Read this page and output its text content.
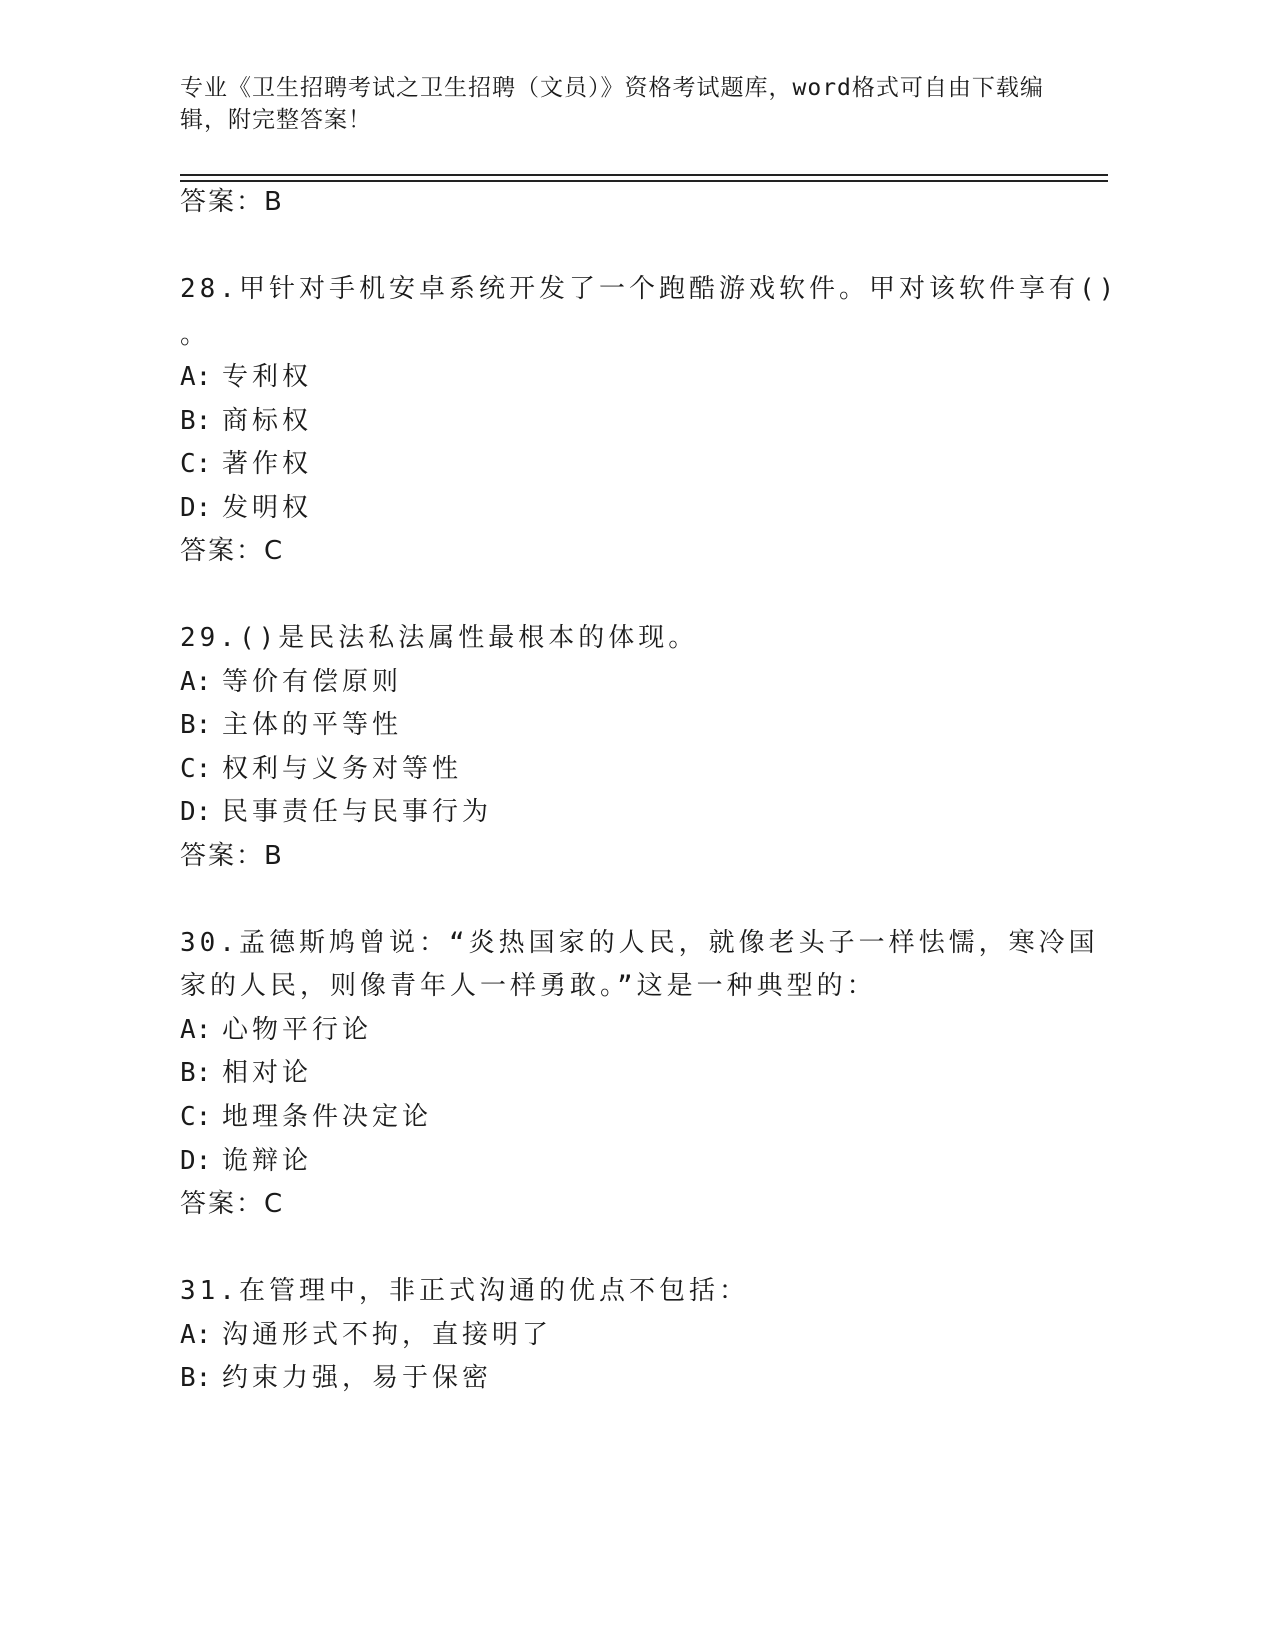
专业《卫生招聘考试之卫生招聘（文员）》资格考试题库，word格式可自由下载编辑，附完整答案！
答案：B
28.甲针对手机安卓系统开发了一个跑酷游戏软件。甲对该软件享有()
。
A: 专利权
B: 商标权
C: 著作权
D: 发明权
答案：C
29.()是民法私法属性最根本的体现。
A: 等价有偿原则
B: 主体的平等性
C: 权利与义务对等性
D: 民事责任与民事行为
答案：B
30.孟德斯鸠曾说：“炎热国家的人民，就像老头子一样怯懦，寒冷国
家的人民，则像青年人一样勇敢。”这是一种典型的：
A: 心物平行论
B: 相对论
C: 地理条件决定论
D: 诡辩论
答案：C
31.在管理中，非正式沟通的优点不包括：
A: 沟通形式不拘，直接明了
B: 约束力强，易于保密
